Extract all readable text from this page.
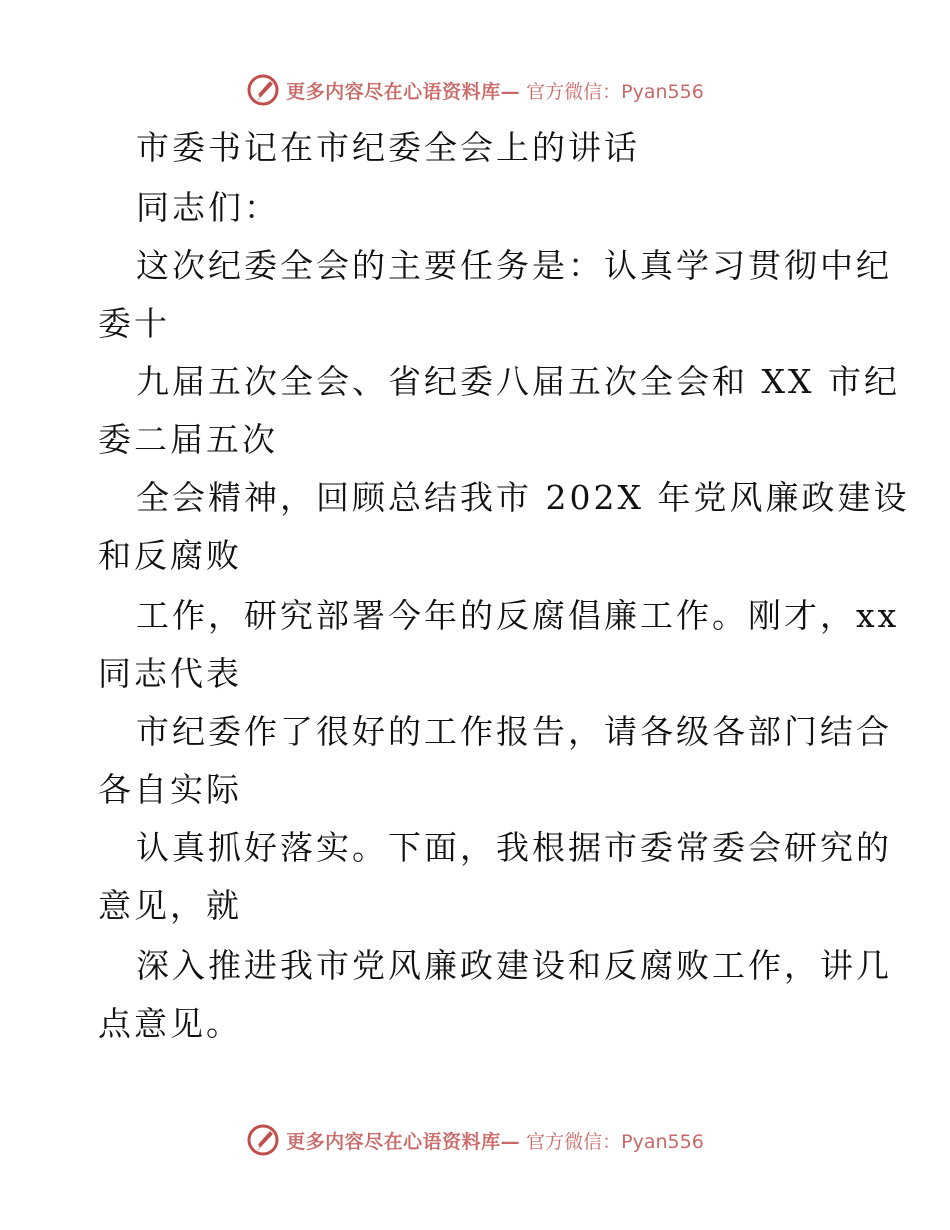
更多内容尽在心语资料库— 官方微信：Pyan556
市委书记在市纪委全会上的讲话
同志们：
这次纪委全会的主要任务是：认真学习贯彻中纪
委十
九届五次全会、省纪委八届五次全会和 XX 市纪
委二届五次
全会精神，回顾总结我市 202X 年党风廉政建设
和反腐败
工作，研究部署今年的反腐倡廉工作。刚才，xx
同志代表
市纪委作了很好的工作报告，请各级各部门结合
各自实际
认真抓好落实。下面，我根据市委常委会研究的
意见，就
深入推进我市党风廉政建设和反腐败工作，讲几
点意见。
更多内容尽在心语资料库— 官方微信：Pyan556
